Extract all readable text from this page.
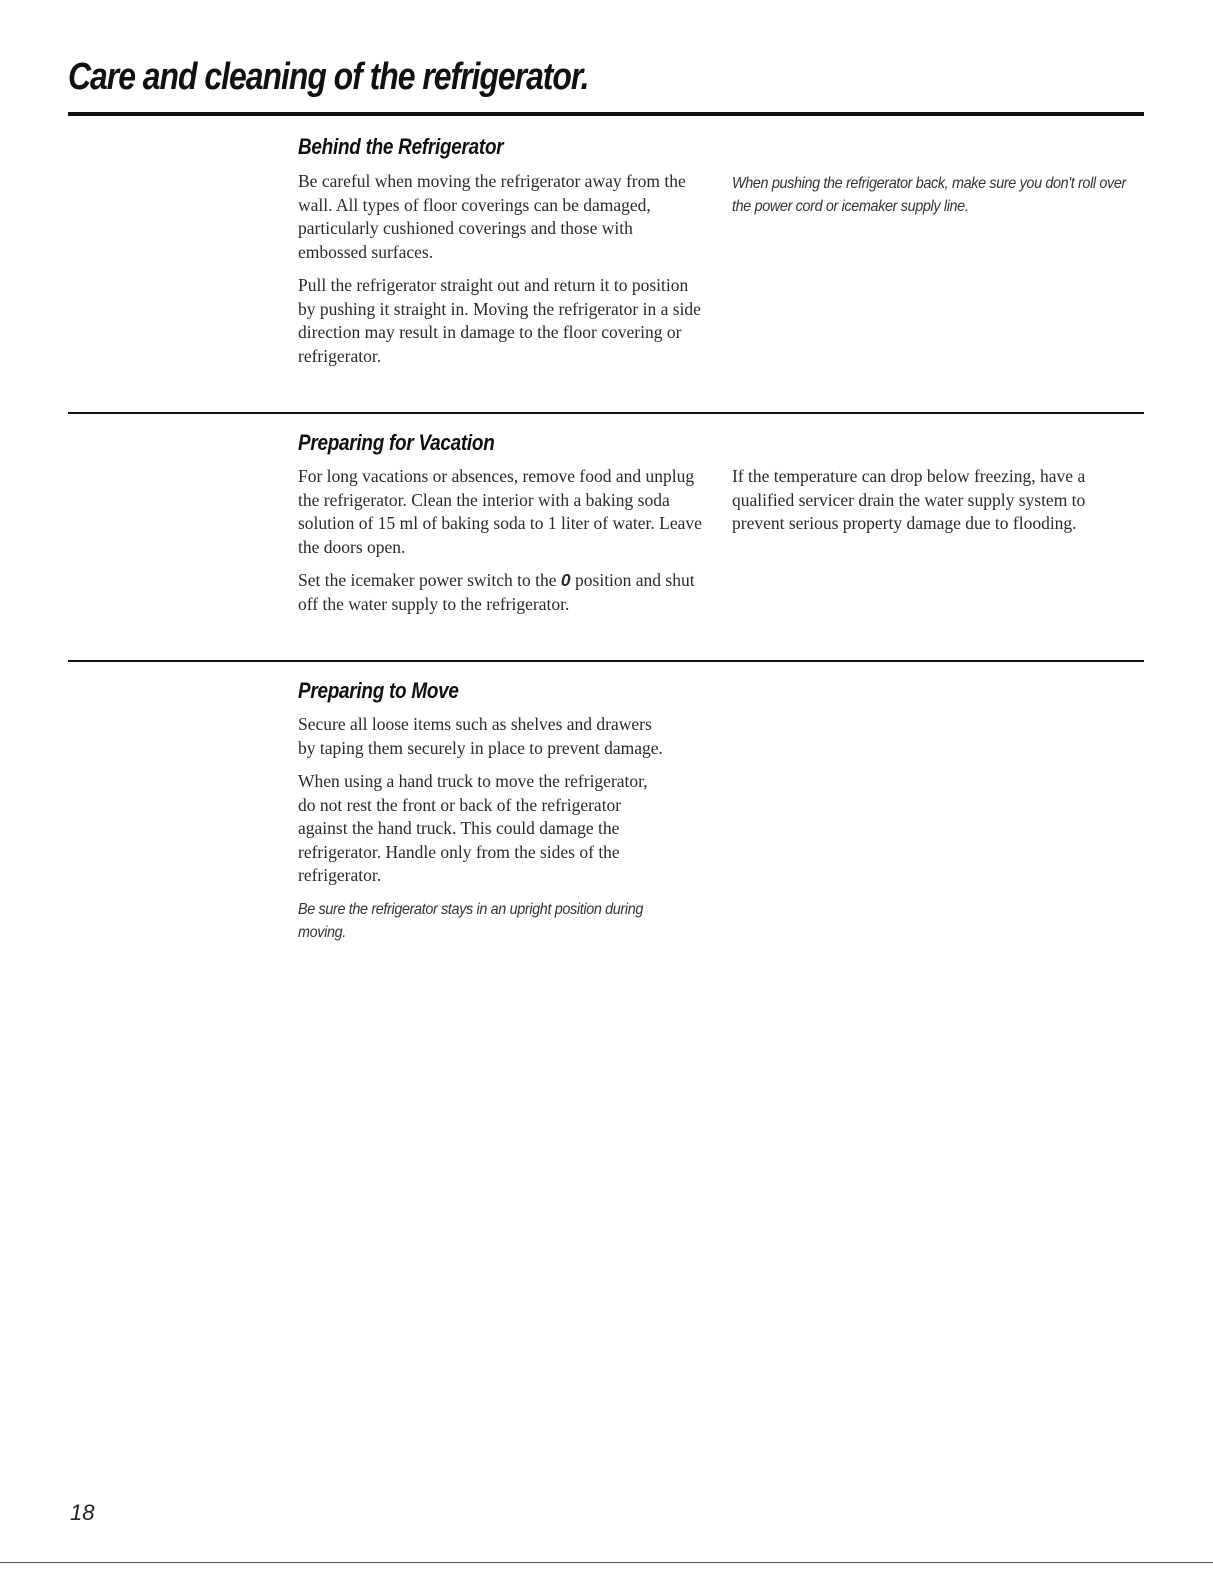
Care and cleaning of the refrigerator.
Behind the Refrigerator

Be careful when moving the refrigerator away from the wall. All types of floor coverings can be damaged, particularly cushioned coverings and those with embossed surfaces.

Pull the refrigerator straight out and return it to position by pushing it straight in. Moving the refrigerator in a side direction may result in damage to the floor covering or refrigerator.

When pushing the refrigerator back, make sure you don't roll over the power cord or icemaker supply line.
Preparing for Vacation

For long vacations or absences, remove food and unplug the refrigerator. Clean the interior with a baking soda solution of 15 ml of baking soda to 1 liter of water. Leave the doors open.

Set the icemaker power switch to the 0 position and shut off the water supply to the refrigerator.

If the temperature can drop below freezing, have a qualified servicer drain the water supply system to prevent serious property damage due to flooding.

Preparing to Move

Secure all loose items such as shelves and drawers by taping them securely in place to prevent damage.

When using a hand truck to move the refrigerator, do not rest the front or back of the refrigerator against the hand truck. This could damage the refrigerator. Handle only from the sides of the refrigerator.

Be sure the refrigerator stays in an upright position during moving.

18
